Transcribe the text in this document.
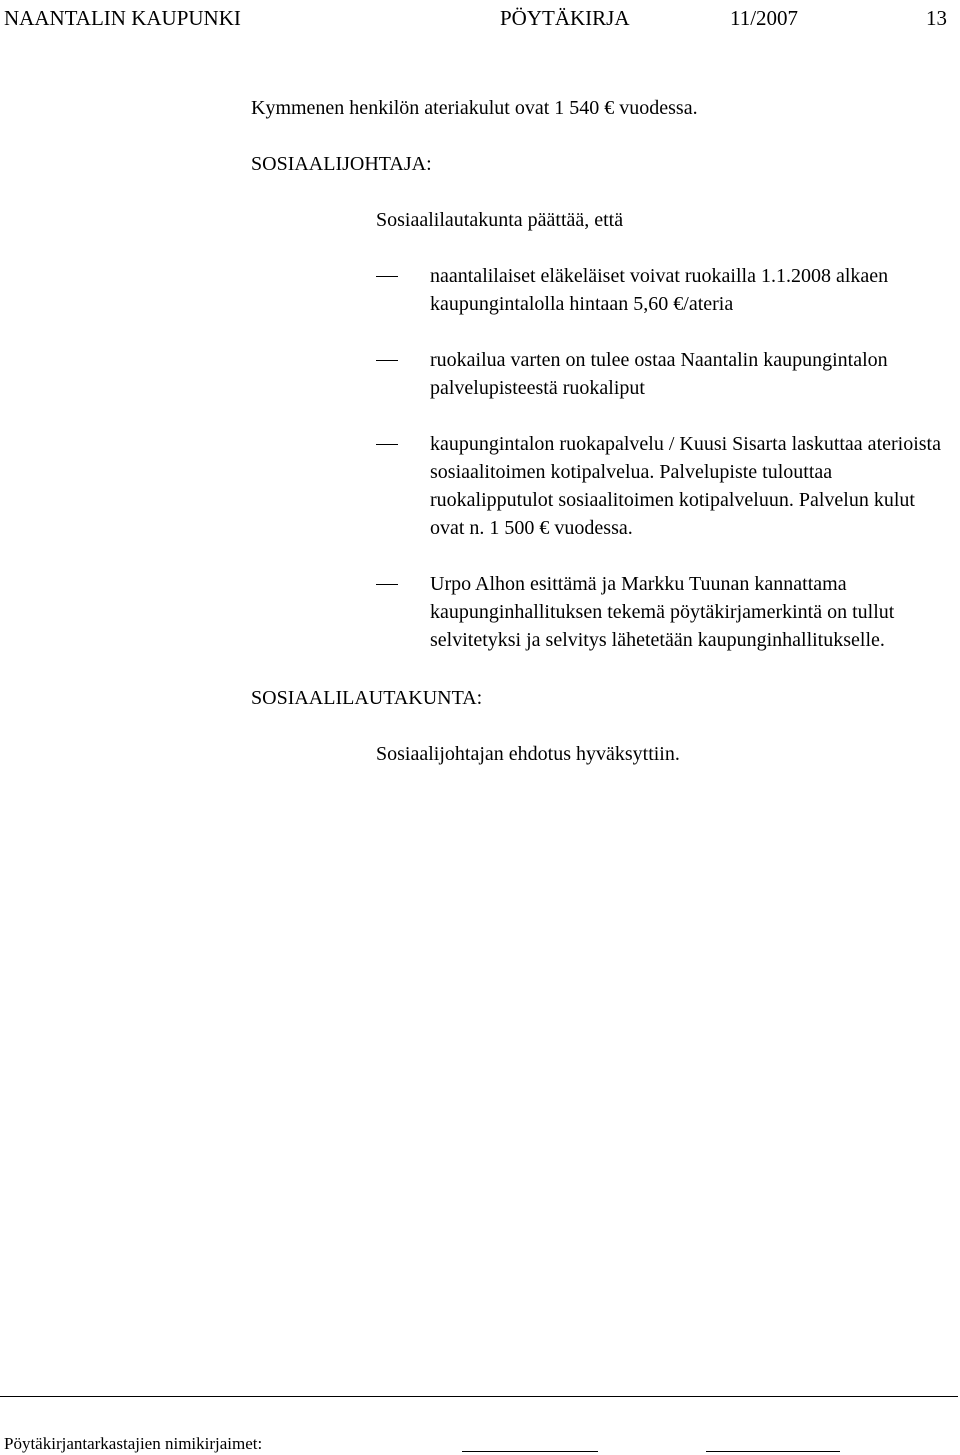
NAANTALIN KAUPUNKI	PÖYTÄKIRJA	11/2007	13
Kymmenen henkilön ateriakulut ovat 1 540 € vuodessa.
SOSIAALIJOHTAJA:
Sosiaalilautakunta päättää, että
naantalilaiset eläkeläiset voivat ruokailla 1.1.2008 alkaen kaupungintalolla hintaan 5,60 €/ateria
ruokailua varten on tulee ostaa Naantalin kaupungintalon palvelupisteestä ruokaliput
kaupungintalon ruokapalvelu / Kuusi Sisarta laskuttaa aterioista sosiaalitoimen kotipalvelua. Palvelupiste tulouttaa ruokalipputulot sosiaalitoimen kotipalveluun. Palvelun kulut ovat n. 1 500 € vuodessa.
Urpo Alhon esittämä ja Markku Tuunan kannattama kaupunginhallituksen tekemä pöytäkirjamerkintä on tullut selvitetyksi ja selvitys lähetetään kaupunginhallitukselle.
SOSIAALILAUTAKUNTA:
Sosiaalijohtajan ehdotus hyväksyttiin.
Pöytäkirjantarkastajien nimikirjaimet:
